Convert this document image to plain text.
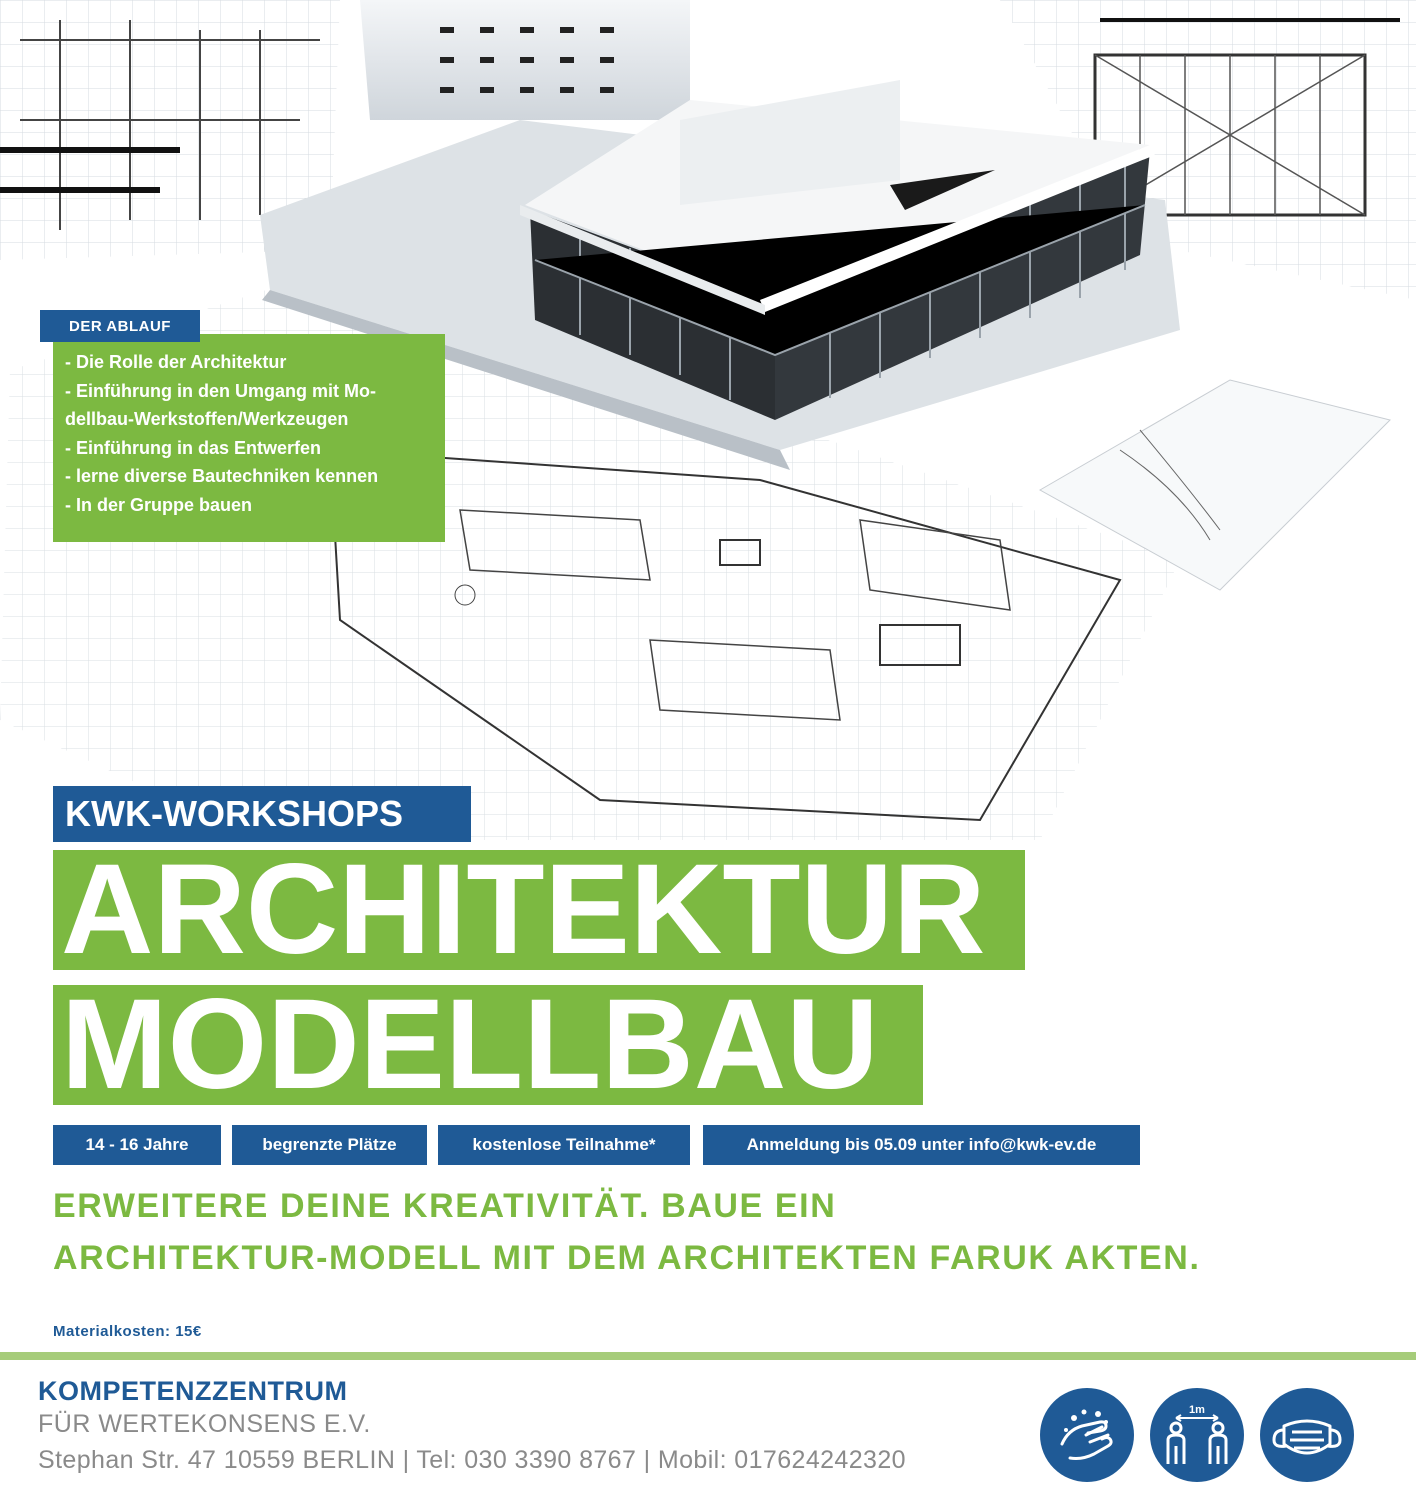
- Die Rolle der Architektur
- Einführung in den Umgang mit Mo-
dellbau-Werkstoffen/Werkzeugen
- Einführung in das Entwerfen
- lerne diverse Bautechniken kennen
- In der Gruppe bauen
DER ABLAUF
KWK-WORKSHOPS
ARCHITEKTUR
MODELLBAU
14 - 16 Jahre	begrenzte Plätze	kostenlose Teilnahme*	Anmeldung bis 05.09 unter info@kwk-ev.de
ERWEITERE DEINE KREATIVITÄT. BAUE EIN
ARCHITEKTUR-MODELL MIT DEM ARCHITEKTEN FARUK AKTEN.
Materialkosten: 15€
KOMPETENZZENTRUM
FÜR WERTEKONSENS E.V.
Stephan Str. 47 10559 BERLIN | Tel: 030 3390 8767 | Mobil: 017624242320
1m
